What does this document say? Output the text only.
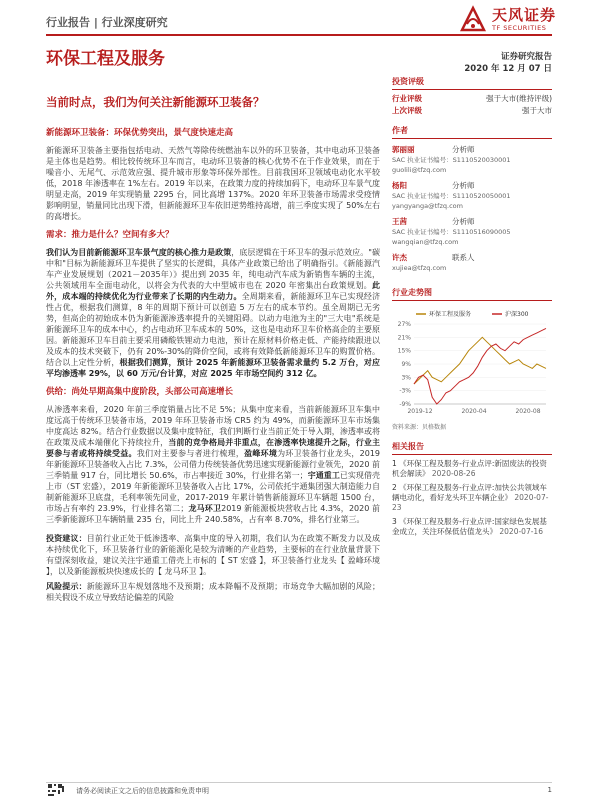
行业报告 | 行业深度研究	天风证券
TF SECURITIES
环保工程及服务	证券研究报告
2020 年 12 月 07 日
当前时点，我们为何关注新能源环卫装备？
新能源环卫装备：环保优势突出，景气度快速走高

新能源环卫装备主要指包括电动、天然气等除传统燃油车以外的环卫装备，其中电动环卫装备是主体也是趋势。相比较传统环卫车而言，电动环卫装备的核心优势不在于作业效果，而在于噪音小、无尾气、示范效应强、提升城市形象等环保外部性。目前我国环卫领域电动化水平较低，2018 年渗透率在 1%左右。2019 年以来，在政策力度的持续加码下，电动环卫车景气度明显走高，2019 年实现销量 2295 台，同比高增 137%。2020 年环卫装备市场需求受疫情影响明显，销量同比出现下滑，但新能源环卫车依旧逆势维持高增，前三季度实现了 50%左右的高增长。

需求：推力是什么？空间有多大？

我们认为目前新能源环卫车景气度的核心推力是政策，底层逻辑在于环卫车的强示范效应。"碳中和"目标为新能源环卫车提供了坚实的长逻辑，具体产业政策已给出了明确指引。《新能源汽车产业发展规划（2021－2035年）》提出到 2035 年，纯电动汽车成为新销售车辆的主流，公共领域用车全面电动化，以将会为代表的大中型城市也在 2020 年密集出台政策规划。此外，成本端的持续优化为行业带来了长期的内生动力。全周期来看，新能源环卫车已实现经济性占优，根据我们测算，8 年的周期下预计可以创造 5 万左右的成本节约。虽全周期已无劣势，但高企的初始成本仍为新能源渗透率提升的关键阻碍。以动力电池为主的"三大电"系统是新能源环卫车的成本中心，约占电动环卫车成本的 50%，这也是电动环卫车价格高企的主要原因。新能源环卫车目前主要采用磷酸铁锂动力电池，预计在原材料价格走低、产能持续跟进以及成本的技术突破下，仍有 20%-30%的降价空间，或将有效降低新能源环卫车的购置价格。结合以上定性分析，根据我们测算，预计 2025 年新能源环卫装备需求量约 5.2 万台，对应平均渗透率 29%，以 60 万元/台计算，对应 2025 年市场空间约 312 亿。

供给：尚处早期高集中度阶段，头部公司高速增长

从渗透率来看，2020 年前三季度销量占比不足 5%；从集中度来看，当前新能源环卫车集中度远高于传统环卫装备市场，2019 年环卫装备市场 CR5 约为 49%，而新能源环卫车市场集中度高达 82%。结合行业数据以及集中度特征，我们判断行业当前正处于导入期，渗透率或将在政策及成本端催化下持续拉升，当前的竞争格局并非重点，在渗透率快速提升之际，行业主要参与者或将持续受益。我们对主要参与者进行梳理，盈峰环境为环卫装备行业龙头，2019 年新能源环卫装备收入占比 7.3%，公司借力传统装备优势迅速实现新能源行业领先，2020 前三季销量 917 台，同比增长 50.6%，市占率接近 30%，行业排名第一；宇通重工已实现借壳上市（ST 宏盛），2019 年新能源环卫装备收入占比 17%，公司依托宇通集团强大制造能力自制新能源环卫底盘，毛利率领先同业，2017-2019 年累计销售新能源环卫车辆超 1500 台，市场占有率约 23.9%，行业排名第二；龙马环卫2019 新能源板块营收占比 4.3%，2020 前三季新能源环卫车辆销量 235 台，同比上升 240.58%，占有率 8.70%，排名行业第三。

投资建议：目前行业正处于低渗透率、高集中度的导入初期，我们认为在政策不断发力以及成本持续优化下，环卫装备行业的新能源化是较为清晰的产业趋势，主要标的在行业放量背景下有望深刻收益，建议关注宇通重工借壳上市标的【 ST 宏盛 】，环卫装备行业龙头【 盈峰环境 】，以及新能源板块快速成长的【 龙马环卫 】。

风险提示：新能源环卫车规划落地不及预期；成本降幅不及预期；市场竞争大幅加剧的风险；相关假设不成立导致结论偏差的风险

投资评级
行业评级	强于大市(维持评级)
上次评级	强于大市
作者
郭丽丽	分析师
SAC 执业证书编号：S1110520030001
guolili@tfzq.com
杨阳	分析师
SAC 执业证书编号：S1110520050001
yangyanga@tfzq.com
王茜	分析师
SAC 执业证书编号：S1110516090005
wangqian@tfzq.com
许杰	联系人
xujiea@tfzq.com
行业走势图
27%
21%
15%
9%
3%
-3%
-9%
2019-12	2020-04	2020-08
环保工程及服务	沪深300
资料来源：贝格数据
相关报告
1 《环保工程及服务-行业点评:新固废法的投资机会解读》 2020-08-26
2 《环保工程及服务-行业点评:加快公共领域车辆电动化，看好龙头环卫车辆企业》 2020-07-23
3 《环保工程及服务-行业点评:国家绿色发展基金成立，关注环保低估值龙头》 2020-07-16
请务必阅读正文之后的信息披露和免责申明	1
